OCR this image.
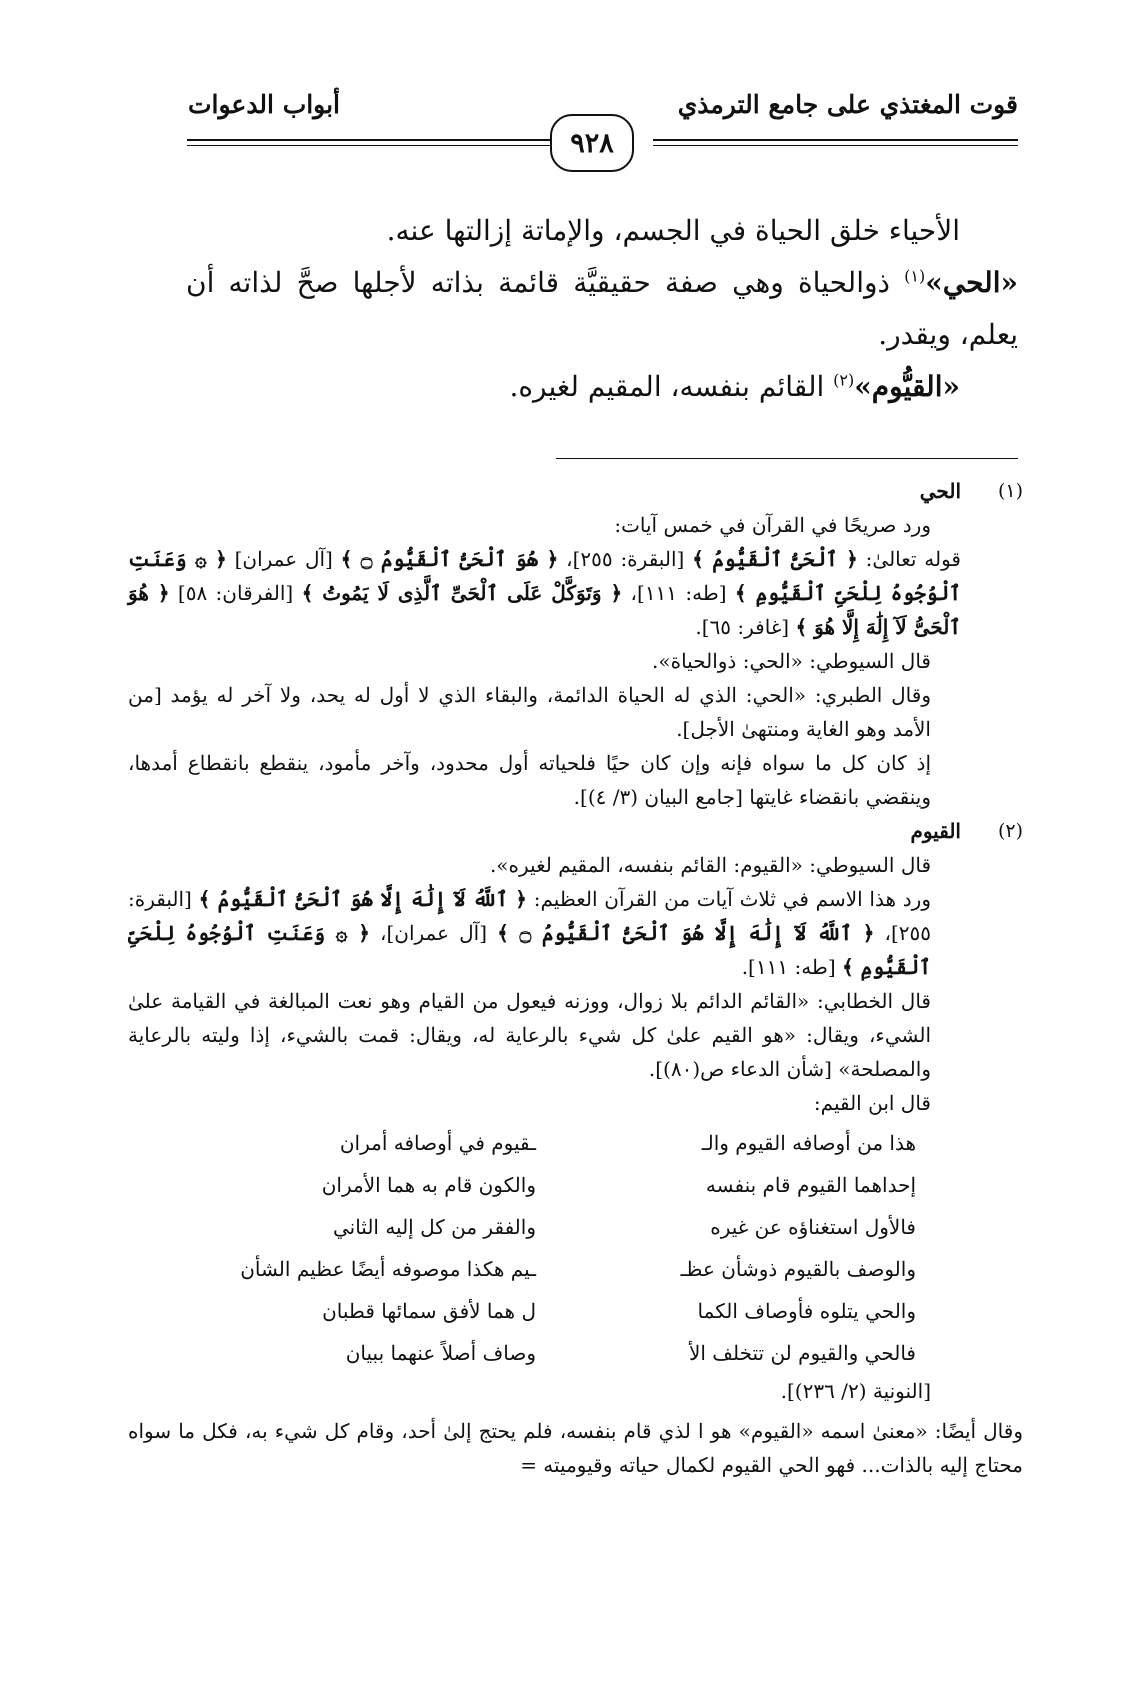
قوت المغتذي على جامع الترمذي
أبواب الدعوات
٩٢٨

الأحياء خلق الحياة في الجسم، والإماتة إزالتها عنه.

«الحي»$^{(١)}$ ذوالحياة وهي صفة حقيقيَّة قائمة بذاته لأجلها صحَّ لذاته أن يعلم، ويقدر.

«القيُّوم»$^{(٢)}$ القائم بنفسه، المقيم لغيره.

(١)

الحي

ورد صريحًا في القرآن في خمس آيات:

قوله تعالىٰ: ﴿ ٱلْحَىُّ ٱلْقَيُّومُ ﴾ [البقرة: ٢٥٥]، ﴿ هُوَ ٱلْحَىُّ ٱلْقَيُّومُ ۝ ﴾ [آل عمران] ﴿ ۞ وَعَنَتِ ٱلْوُجُوهُ لِلْحَىِّ ٱلْقَيُّومِ ﴾ [طه: ١١١]، ﴿ وَتَوَكَّلْ عَلَى ٱلْحَىِّ ٱلَّذِى لَا يَمُوتُ ﴾ [الفرقان: ٥٨] ﴿ هُوَ ٱلْحَىُّ لَآ إِلَٰهَ إِلَّا هُوَ ﴾ [غافر: ٦٥].

قال السيوطي: «الحي: ذوالحياة».

وقال الطبري: «الحي: الذي له الحياة الدائمة، والبقاء الذي لا أول له يحد، ولا آخر له يؤمد [من الأمد وهو الغاية ومنتهىٰ الأجل].

إذ كان كل ما سواه فإنه وإن كان حيًا فلحياته أول محدود، وآخر مأمود، ينقطع بانقطاع أمدها، وينقضي بانقضاء غايتها [جامع البيان (٣/ ٤)].

(٢)

القيوم

قال السيوطي: «القيوم: القائم بنفسه، المقيم لغيره».

ورد هذا الاسم في ثلاث آيات من القرآن العظيم: ﴿ ٱللَّهُ لَآ إِلَٰهَ إِلَّا هُوَ ٱلْحَىُّ ٱلْقَيُّومُ ﴾ [البقرة: ٢٥٥]، ﴿ ٱللَّهُ لَآ إِلَٰهَ إِلَّا هُوَ ٱلْحَىُّ ٱلْقَيُّومُ ۝ ﴾ [آل عمران]، ﴿ ۞ وَعَنَتِ ٱلْوُجُوهُ لِلْحَىِّ ٱلْقَيُّومِ ﴾ [طه: ١١١].

قال الخطابي: «القائم الدائم بلا زوال، ووزنه فيعول من القيام وهو نعت المبالغة في القيامة علىٰ الشيء، ويقال: «هو القيم علىٰ كل شيء بالرعاية له، ويقال: قمت بالشيء، إذا وليته بالرعاية والمصلحة» [شأن الدعاء ص(٨٠)].

قال ابن القيم:

هذا من أوصافه القيوم والـ
إحداهما القيوم قام بنفسه
فالأول استغناؤه عن غيره
والوصف بالقيوم ذوشأن عظـ
والحي يتلوه فأوصاف الكما
فالحي والقيوم لن تتخلف الأ
ـقيوم في أوصافه أمران
والكون قام به هما الأمران
والفقر من كل إليه الثاني
ـيم هكذا موصوفه أيضًا عظيم الشأن
ل هما لأفق سمائها قطبان
وصاف أصلاً عنهما ببيان

[النونية (٢/ ٢٣٦)].

وقال أيضًا: «معنىٰ اسمه «القيوم» هو ا لذي قام بنفسه، فلم يحتج إلىٰ أحد، وقام كل شيء به، فكل ما سواه محتاج إليه بالذات... فهو الحي القيوم لكمال حياته وقيوميته =
